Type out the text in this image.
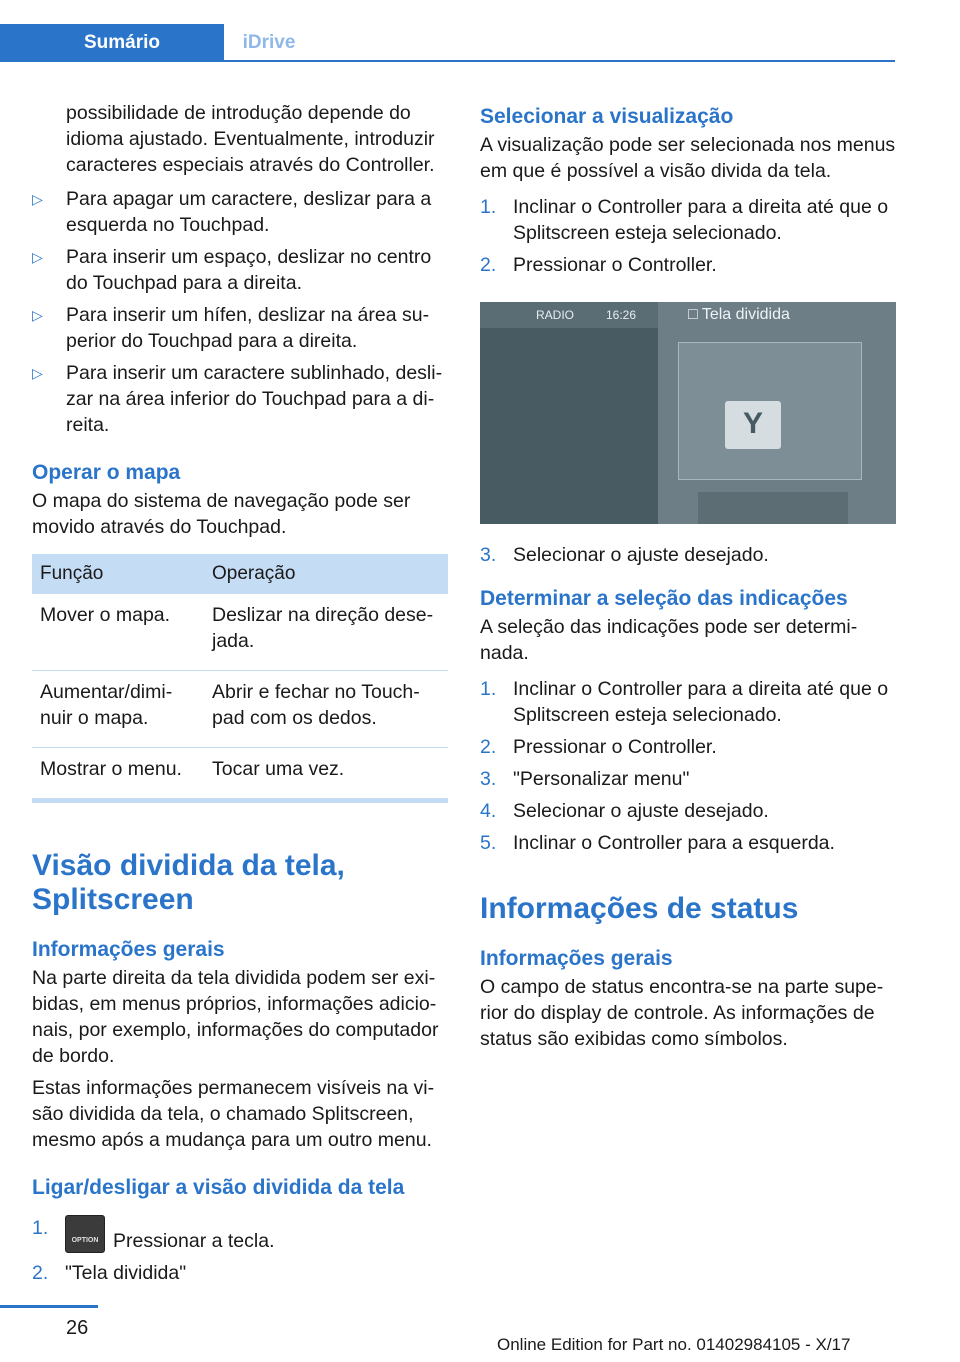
Sumário	iDrive

possibilidade de introdução depende do idioma ajustado. Eventualmente, introduzir caracteres especiais através do Controller.

▷ Para apagar um caractere, deslizar para a esquerda no Touchpad.
▷ Para inserir um espaço, deslizar no centro do Touchpad para a direita.
▷ Para inserir um hífen, deslizar na área superior do Touchpad para a direita.
▷ Para inserir um caractere sublinhado, deslizar na área inferior do Touchpad para a direita.
Operar o mapa

O mapa do sistema de navegação pode ser movido através do Touchpad.

Função	Operação
Mover o mapa.	Deslizar na direção desejada.
Aumentar/diminuir o mapa.	Abrir e fechar no Touchpad com os dedos.
Mostrar o menu.	Tocar uma vez.
Visão dividida da tela, Splitscreen
Informações gerais

Na parte direita da tela dividida podem ser exibidas, em menus próprios, informações adicionais, por exemplo, informações do computador de bordo.

Estas informações permanecem visíveis na visão dividida da tela, o chamado Splitscreen, mesmo após a mudança para um outro menu.

Ligar/desligar a visão dividida da tela
1.
OPTION Pressionar a tecla.
2. "Tela dividida"
Selecionar a visualização

A visualização pode ser selecionada nos menus em que é possível a visão divida da tela.

1. Inclinar o Controller para a direita até que o Splitscreen esteja selecionado.
2. Pressionar o Controller.
RADIO	16:26	□ Tela dividida
Y
3. Selecionar o ajuste desejado.
Determinar a seleção das indicações

A seleção das indicações pode ser determinada.

1. Inclinar o Controller para a direita até que o Splitscreen esteja selecionado.
2. Pressionar o Controller.
3. "Personalizar menu"
4. Selecionar o ajuste desejado.
5. Inclinar o Controller para a esquerda.
Informações de status
Informações gerais

O campo de status encontra-se na parte superior do display de controle. As informações de status são exibidas como símbolos.

26
Online Edition for Part no. 01402984105 - X/17
